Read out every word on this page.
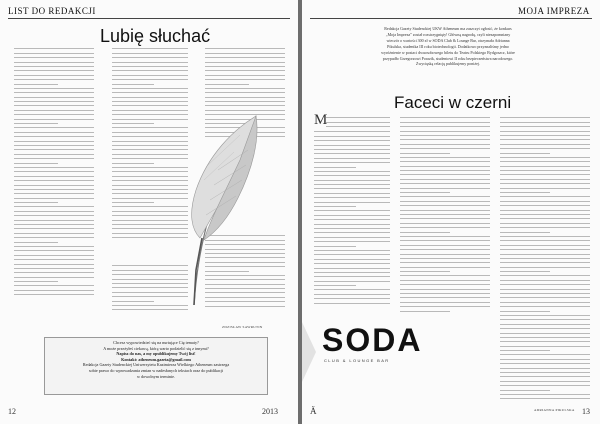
LIST DO REDAKCJI
Lubię słuchać
ZDZISŁAW SAWRUTIN
Chcesz wypowiedzieć się na nurtujące Cię tematy?
A może przeżyłeś ciekawą, którą warto podzielić się z innymi?
Napisz do nas, a my opublikujemy Twój list!
Kontakt: atheneum.gazeta@gmail.com
Redakcja Gazety Studenckiej Uniwersytetu Kazimierza Wielkiego Atheneum zastrzega
sobie prawo do wprowadzania zmian w nadesłanych tekstach oraz do publikacji
w dowolnym terminie.
12	2013
MOJA IMPREZA
Redakcja Gazety Studenckiej UKW Atheneum ma zaszczyt ogłosić, że konkurs
„Moja Impreza” został rozstrzygnięty! Główną nagrodę, czyli niezapomniany
wieczór o wartości 300 zł w SODA Club & Lounge Bar, otrzymała Adrianna
Pikulska, studentka III roku biotechnologii. Dodatkowo przyznaliśmy jedno
wyróżnienie w postaci dwuosobowego biletu do Teatru Polskiego Bydgoszcz, które
przypadło Grzegorzowi Porazik, studentowi II roku bezpieczeństwa narodowego.
Zwycięską relację publikujemy poniżej.
Faceci w czerni
M
SODA
CLUB & LOUNGE BAR
ADRIANNA PIKULSKA
Ä	13
